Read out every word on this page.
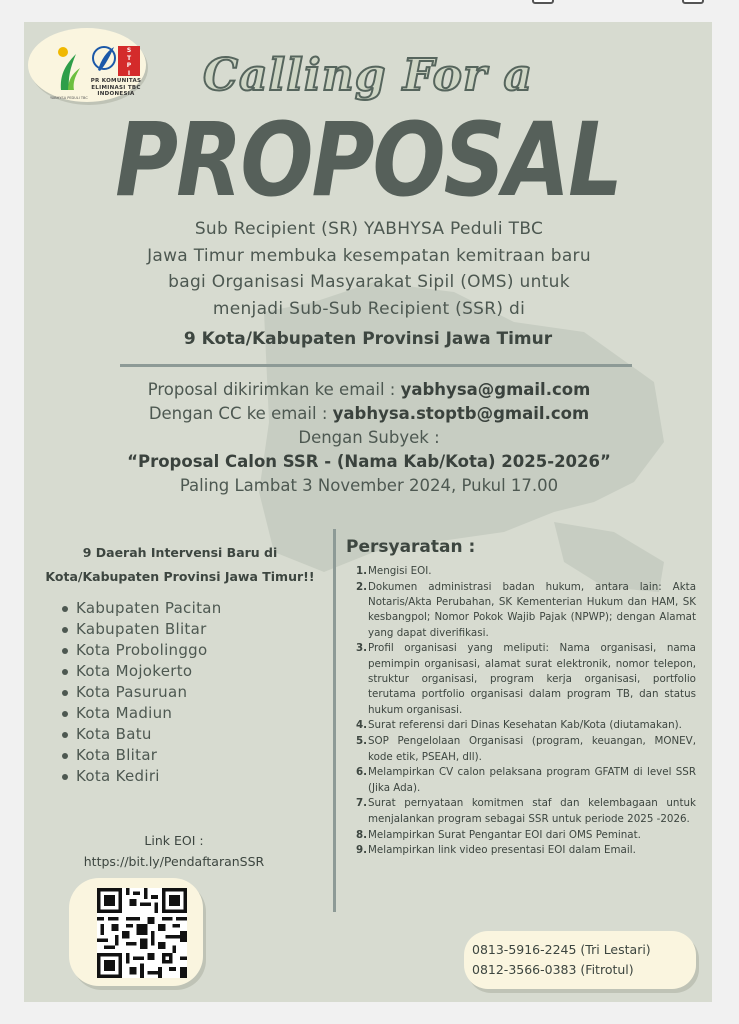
S
T
P
I
PR KOMUNITAS
ELIMINASI TBC
INDONESIA
YABHYSA PEDULI TBC	Calling For a
PROPOSAL
Sub Recipient (SR) YABHYSA Peduli TBC
Jawa Timur membuka kesempatan kemitraan baru
bagi Organisasi Masyarakat Sipil (OMS) untuk
menjadi Sub-Sub Recipient (SSR) di
9 Kota/Kabupaten Provinsi Jawa Timur
Proposal dikirimkan ke email : yabhysa@gmail.com
Dengan CC ke email : yabhysa.stoptb@gmail.com
Dengan Subyek :
“Proposal Calon SSR - (Nama Kab/Kota) 2025-2026”
Paling Lambat 3 November 2024, Pukul 17.00
9 Daerah Intervensi Baru di
Kota/Kabupaten Provinsi Jawa Timur!!
Kabupaten Pacitan
Kabupaten Blitar
Kota Probolinggo
Kota Mojokerto
Kota Pasuruan
Kota Madiun
Kota Batu
Kota Blitar
Kota Kediri
Link EOI :
https://bit.ly/PendaftaranSSR
Persyaratan :
1. Mengisi EOI.
2. Dokumen administrasi badan hukum, antara lain: Akta Notaris/Akta Perubahan, SK Kementerian Hukum dan HAM, SK kesbangpol; Nomor Pokok Wajib Pajak (NPWP); dengan Alamat yang dapat diverifikasi.
3. Profil organisasi yang meliputi: Nama organisasi, nama pemimpin organisasi, alamat surat elektronik, nomor telepon, struktur organisasi, program kerja organisasi, portfolio terutama portfolio organisasi dalam program TB, dan status hukum organisasi.
4. Surat referensi dari Dinas Kesehatan Kab/Kota (diutamakan).
5. SOP Pengelolaan Organisasi (program, keuangan, MONEV, kode etik, PSEAH, dll).
6. Melampirkan CV calon pelaksana program GFATM di level SSR (Jika Ada).
7. Surat pernyataan komitmen staf dan kelembagaan untuk menjalankan program sebagai SSR untuk periode 2025 -2026.
8. Melampirkan Surat Pengantar EOI dari OMS Peminat.
9. Melampirkan link video presentasi EOI dalam Email.
0813-5916-2245 (Tri Lestari)
0812-3566-0383 (Fitrotul)
